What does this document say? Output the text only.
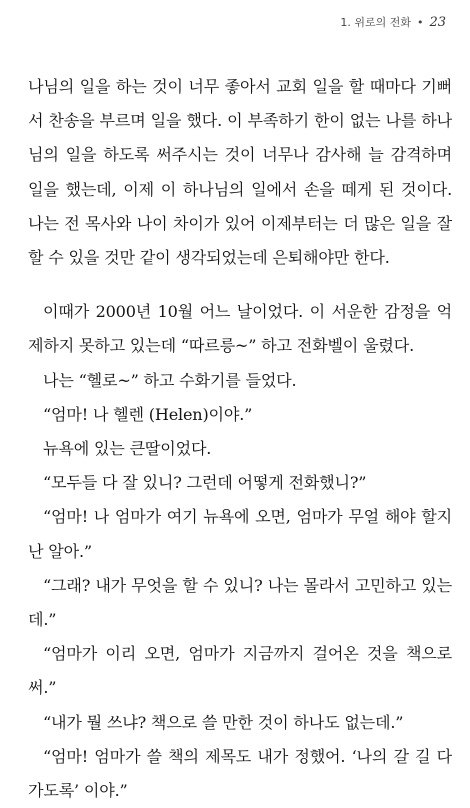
1. 위로의 전화 • 23

나님의 일을 하는 것이 너무 좋아서 교회 일을 할 때마다 기뻐서 찬송을 부르며 일을 했다. 이 부족하기 한이 없는 나를 하나님의 일을 하도록 써주시는 것이 너무나 감사해 늘 감격하며 일을 했는데, 이제 이 하나님의 일에서 손을 떼게 된 것이다. 나는 전 목사와 나이 차이가 있어 이제부터는 더 많은 일을 잘 할 수 있을 것만 같이 생각되었는데 은퇴해야만 한다.

이때가 2000년 10월 어느 날이었다. 이 서운한 감정을 억제하지 못하고 있는데 “따르릉~” 하고 전화벨이 울렸다.

나는 “헬로~” 하고 수화기를 들었다.

“엄마! 나 헬렌 (Helen)이야.”

뉴욕에 있는 큰딸이었다.

“모두들 다 잘 있니? 그런데 어떻게 전화했니?”

“엄마! 나 엄마가 여기 뉴욕에 오면, 엄마가 무얼 해야 할지 난 알아.”

“그래? 내가 무엇을 할 수 있니? 나는 몰라서 고민하고 있는데.”

“엄마가 이리 오면, 엄마가 지금까지 걸어온 것을 책으로 써.”

“내가 뭘 쓰냐? 책으로 쓸 만한 것이 하나도 없는데.”

“엄마! 엄마가 쓸 책의 제목도 내가 정했어. ‘나의 갈 길 다 가도록’ 이야.”
